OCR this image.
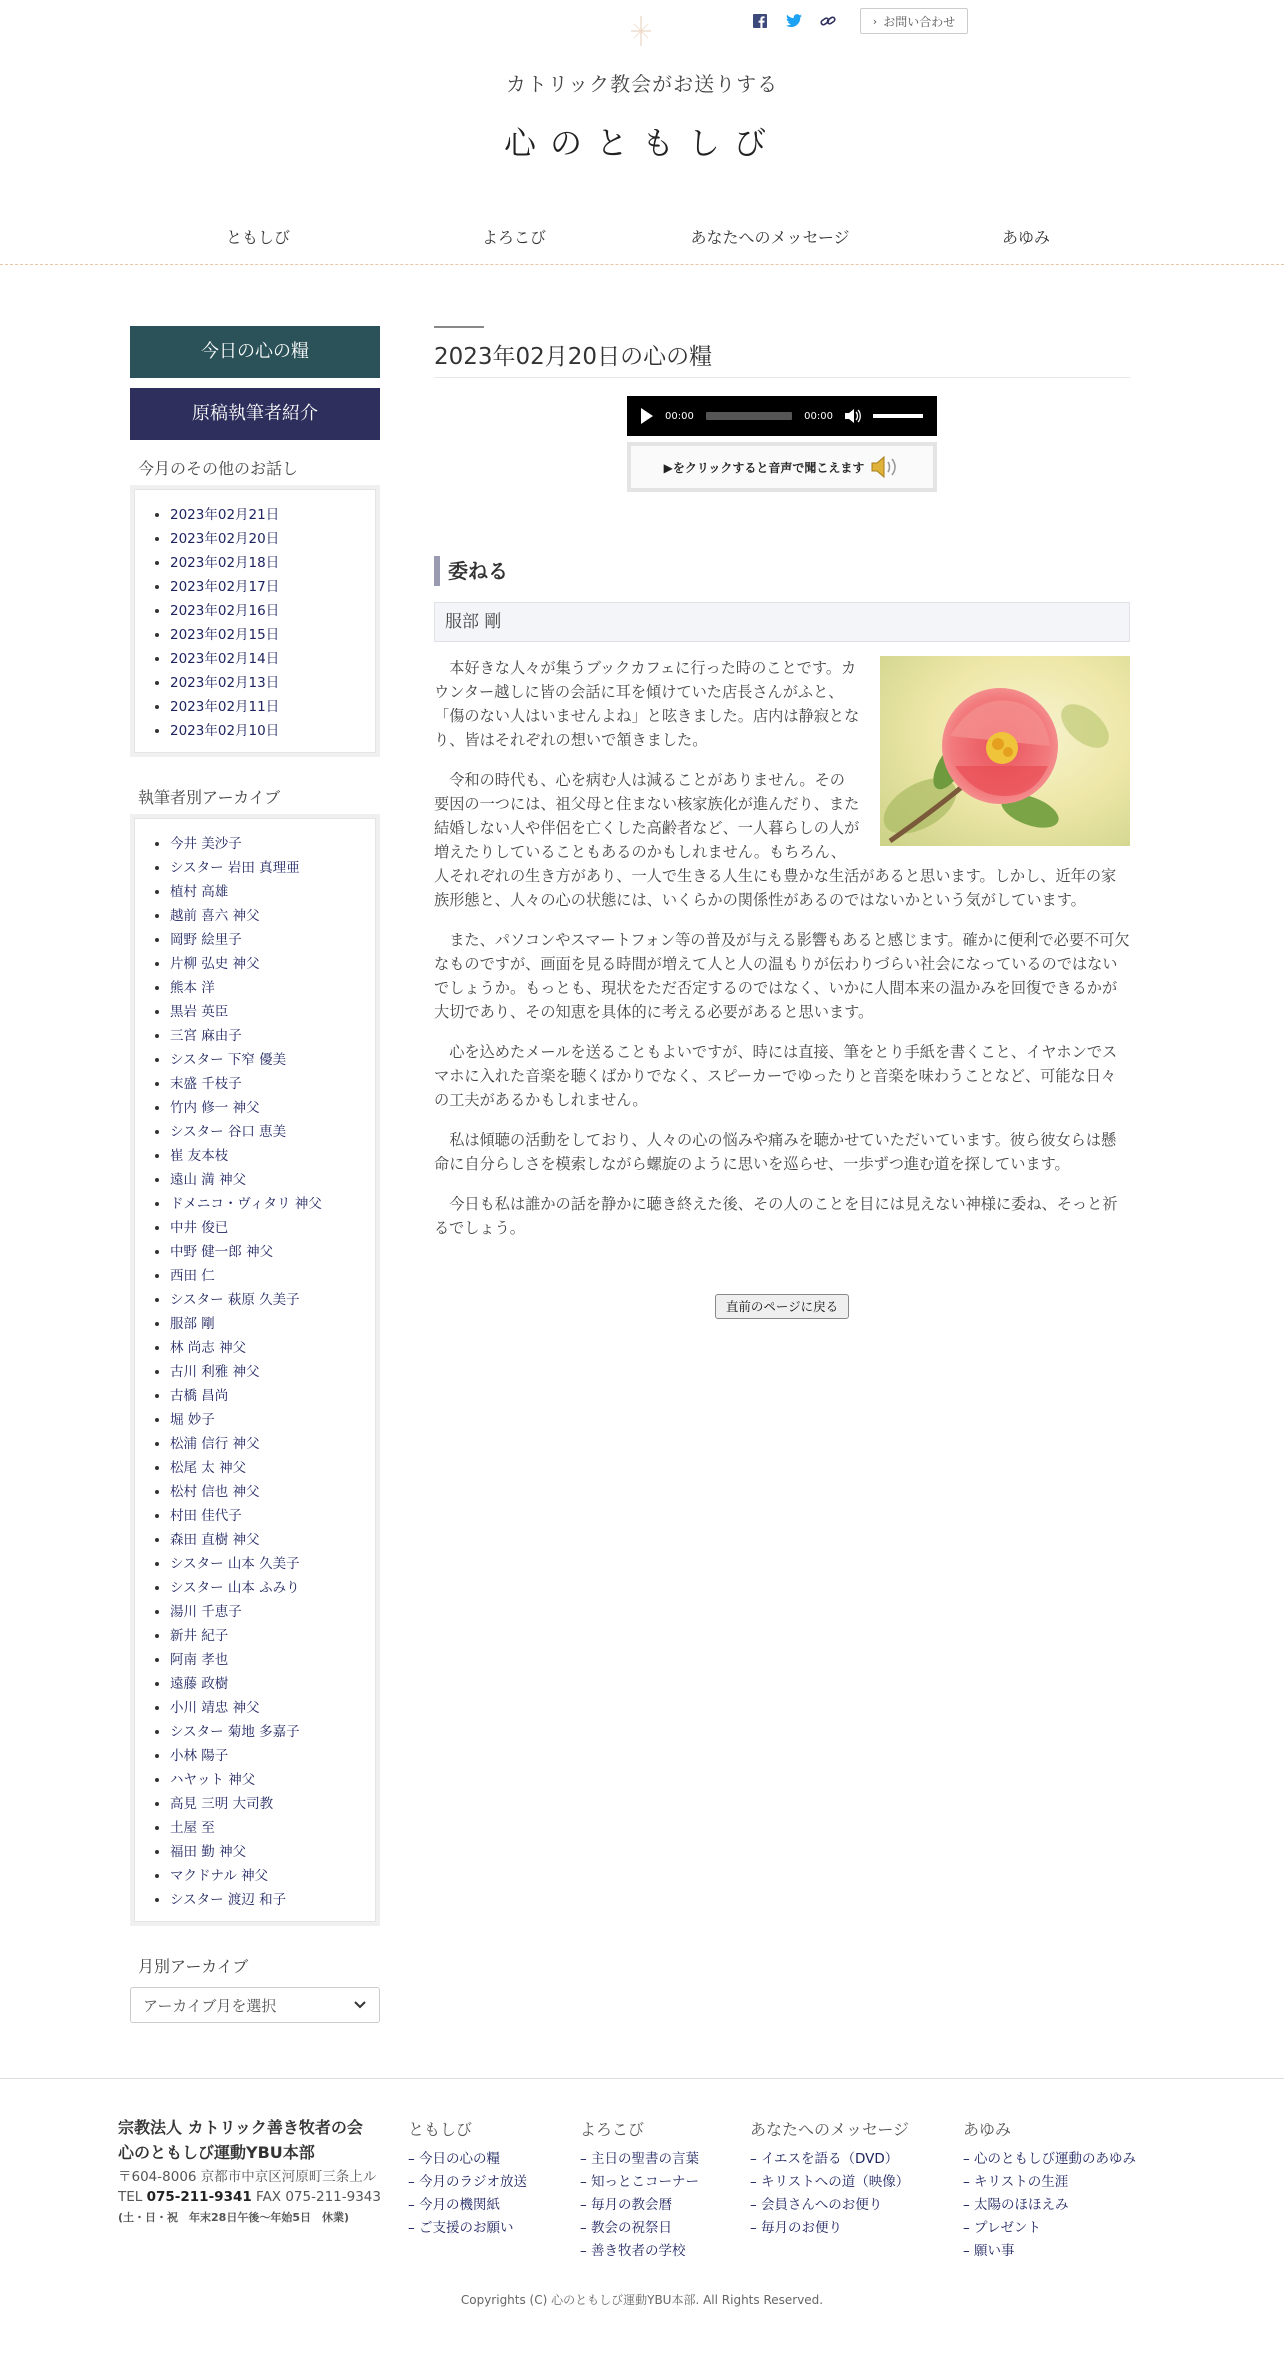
› お問い合わせ
カトリック教会がお送りする
心のともしび
ともしび	よろこび	あなたへのメッセージ	あゆみ
今日の心の糧
原稿執筆者紹介
今月のその他のお話し
• 2023年02月21日
• 2023年02月20日
• 2023年02月18日
• 2023年02月17日
• 2023年02月16日
• 2023年02月15日
• 2023年02月14日
• 2023年02月13日
• 2023年02月11日
• 2023年02月10日
執筆者別アーカイブ
• 今井 美沙子
• シスター 岩田 真理亜
• 植村 高雄
• 越前 喜六 神父
• 岡野 絵里子
• 片柳 弘史 神父
• 熊本 洋
• 黒岩 英臣
• 三宮 麻由子
• シスター 下窄 優美
• 末盛 千枝子
• 竹内 修一 神父
• シスター 谷口 恵美
• 崔 友本枝
• 遠山 満 神父
• ドメニコ・ヴィタリ 神父
• 中井 俊已
• 中野 健一郎 神父
• 西田 仁
• シスター 萩原 久美子
• 服部 剛
• 林 尚志 神父
• 古川 利雅 神父
• 古橋 昌尚
• 堀 妙子
• 松浦 信行 神父
• 松尾 太 神父
• 松村 信也 神父
• 村田 佳代子
• 森田 直樹 神父
• シスター 山本 久美子
• シスター 山本 ふみり
• 湯川 千恵子
• 新井 紀子
• 阿南 孝也
• 遠藤 政樹
• 小川 靖忠 神父
• シスター 菊地 多嘉子
• 小林 陽子
• ハヤット 神父
• 高見 三明 大司教
• 土屋 至
• 福田 勤 神父
• マクドナル 神父
• シスター 渡辺 和子
月別アーカイブ
アーカイブ月を選択
2023年02月20日の心の糧
00:00	00:00
▶をクリックすると音声で聞こえます
委ねる
服部 剛

本好きな人々が集うブックカフェに行った時のことです。カウンター越しに皆の会話に耳を傾けていた店長さんがふと、「傷のない人はいませんよね」と呟きました。店内は静寂となり、皆はそれぞれの想いで頷きました。

令和の時代も、心を病む人は減ることがありません。その要因の一つには、祖父母と住まない核家族化が進んだり、また結婚しない人や伴侶を亡くした高齢者など、一人暮らしの人が増えたりしていることもあるのかもしれません。もちろん、人それぞれの生き方があり、一人で生きる人生にも豊かな生活があると思います。しかし、近年の家族形態と、人々の心の状態には、いくらかの関係性があるのではないかという気がしています。

また、パソコンやスマートフォン等の普及が与える影響もあると感じます。確かに便利で必要不可欠なものですが、画面を見る時間が増えて人と人の温もりが伝わりづらい社会になっているのではないでしょうか。もっとも、現状をただ否定するのではなく、いかに人間本来の温かみを回復できるかが大切であり、その知恵を具体的に考える必要があると思います。

心を込めたメールを送ることもよいですが、時には直接、筆をとり手紙を書くこと、イヤホンでスマホに入れた音楽を聴くばかりでなく、スピーカーでゆったりと音楽を味わうことなど、可能な日々の工夫があるかもしれません。

私は傾聴の活動をしており、人々の心の悩みや痛みを聴かせていただいています。彼ら彼女らは懸命に自分らしさを模索しながら螺旋のように思いを巡らせ、一歩ずつ進む道を探しています。

今日も私は誰かの話を静かに聴き終えた後、その人のことを目には見えない神様に委ね、そっと祈るでしょう。

直前のページに戻る
宗教法人 カトリック善き牧者の会
心のともしび運動YBU本部
〒604-8006 京都市中京区河原町三条上ル
TEL 075-211-9341 FAX 075-211-9343
(土・日・祝　年末28日午後〜年始5日　休業)
ともしび
– 今日の心の糧
– 今月のラジオ放送
– 今月の機関紙
– ご支援のお願い
よろこび
– 主日の聖書の言葉
– 知っとこコーナー
– 毎月の教会暦
– 教会の祝祭日
– 善き牧者の学校
あなたへのメッセージ
– イエスを語る（DVD）
– キリストへの道（映像）
– 会員さんへのお便り
– 毎月のお便り
あゆみ
– 心のともしび運動のあゆみ
– キリストの生涯
– 太陽のほほえみ
– プレゼント
– 願い事
Copyrights (C) 心のともしび運動YBU本部. All Rights Reserved.
